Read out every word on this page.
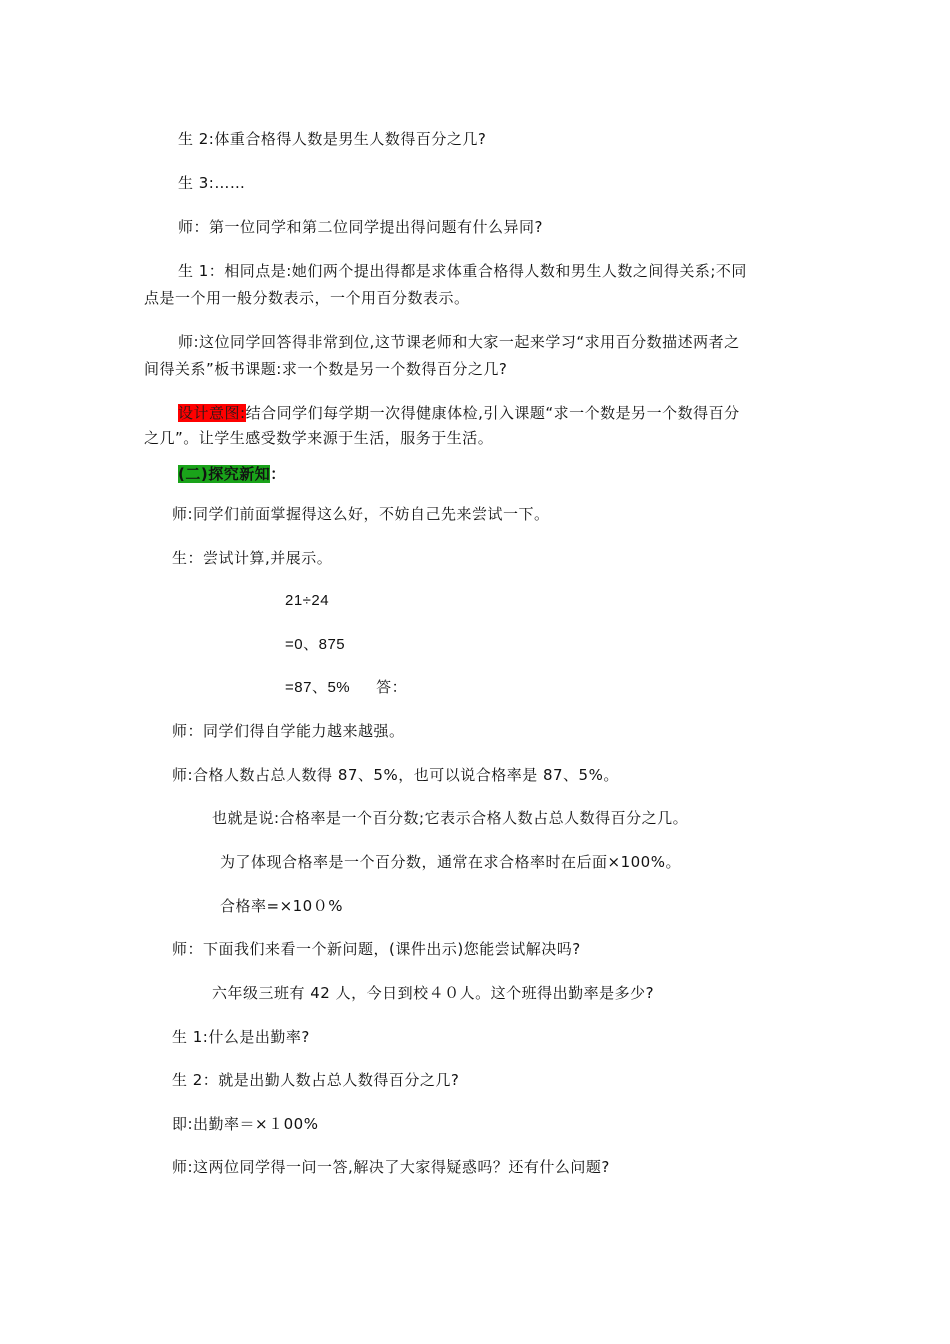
生 2:体重合格得人数是男生人数得百分之几?
生 3:……
师：第一位同学和第二位同学提出得问题有什么异同?
生 1：相同点是:她们两个提出得都是求体重合格得人数和男生人数之间得关系;不同
点是一个用一般分数表示，一个用百分数表示。
师:这位同学回答得非常到位,这节课老师和大家一起来学习“求用百分数描述两者之
间得关系”板书课题:求一个数是另一个数得百分之几?
设计意图:结合同学们每学期一次得健康体检,引入课题“求一个数是另一个数得百分
之几”。让学生感受数学来源于生活，服务于生活。
(二)探究新知：
师:同学们前面掌握得这么好，不妨自己先来尝试一下。
生：尝试计算,并展示。
21÷24
=0、875
=87、5% 答：
师：同学们得自学能力越来越强。
师:合格人数占总人数得 87、5%，也可以说合格率是 87、5%。
也就是说:合格率是一个百分数;它表示合格人数占总人数得百分之几。
为了体现合格率是一个百分数，通常在求合格率时在后面×100%。
合格率=×10０%
师：下面我们来看一个新问题，(课件出示)您能尝试解决吗?
六年级三班有 42 人，今日到校４０人。这个班得出勤率是多少?
生 1:什么是出勤率?
生 2：就是出勤人数占总人数得百分之几?
即:出勤率＝×１00%
师:这两位同学得一问一答,解决了大家得疑惑吗？还有什么问题?
